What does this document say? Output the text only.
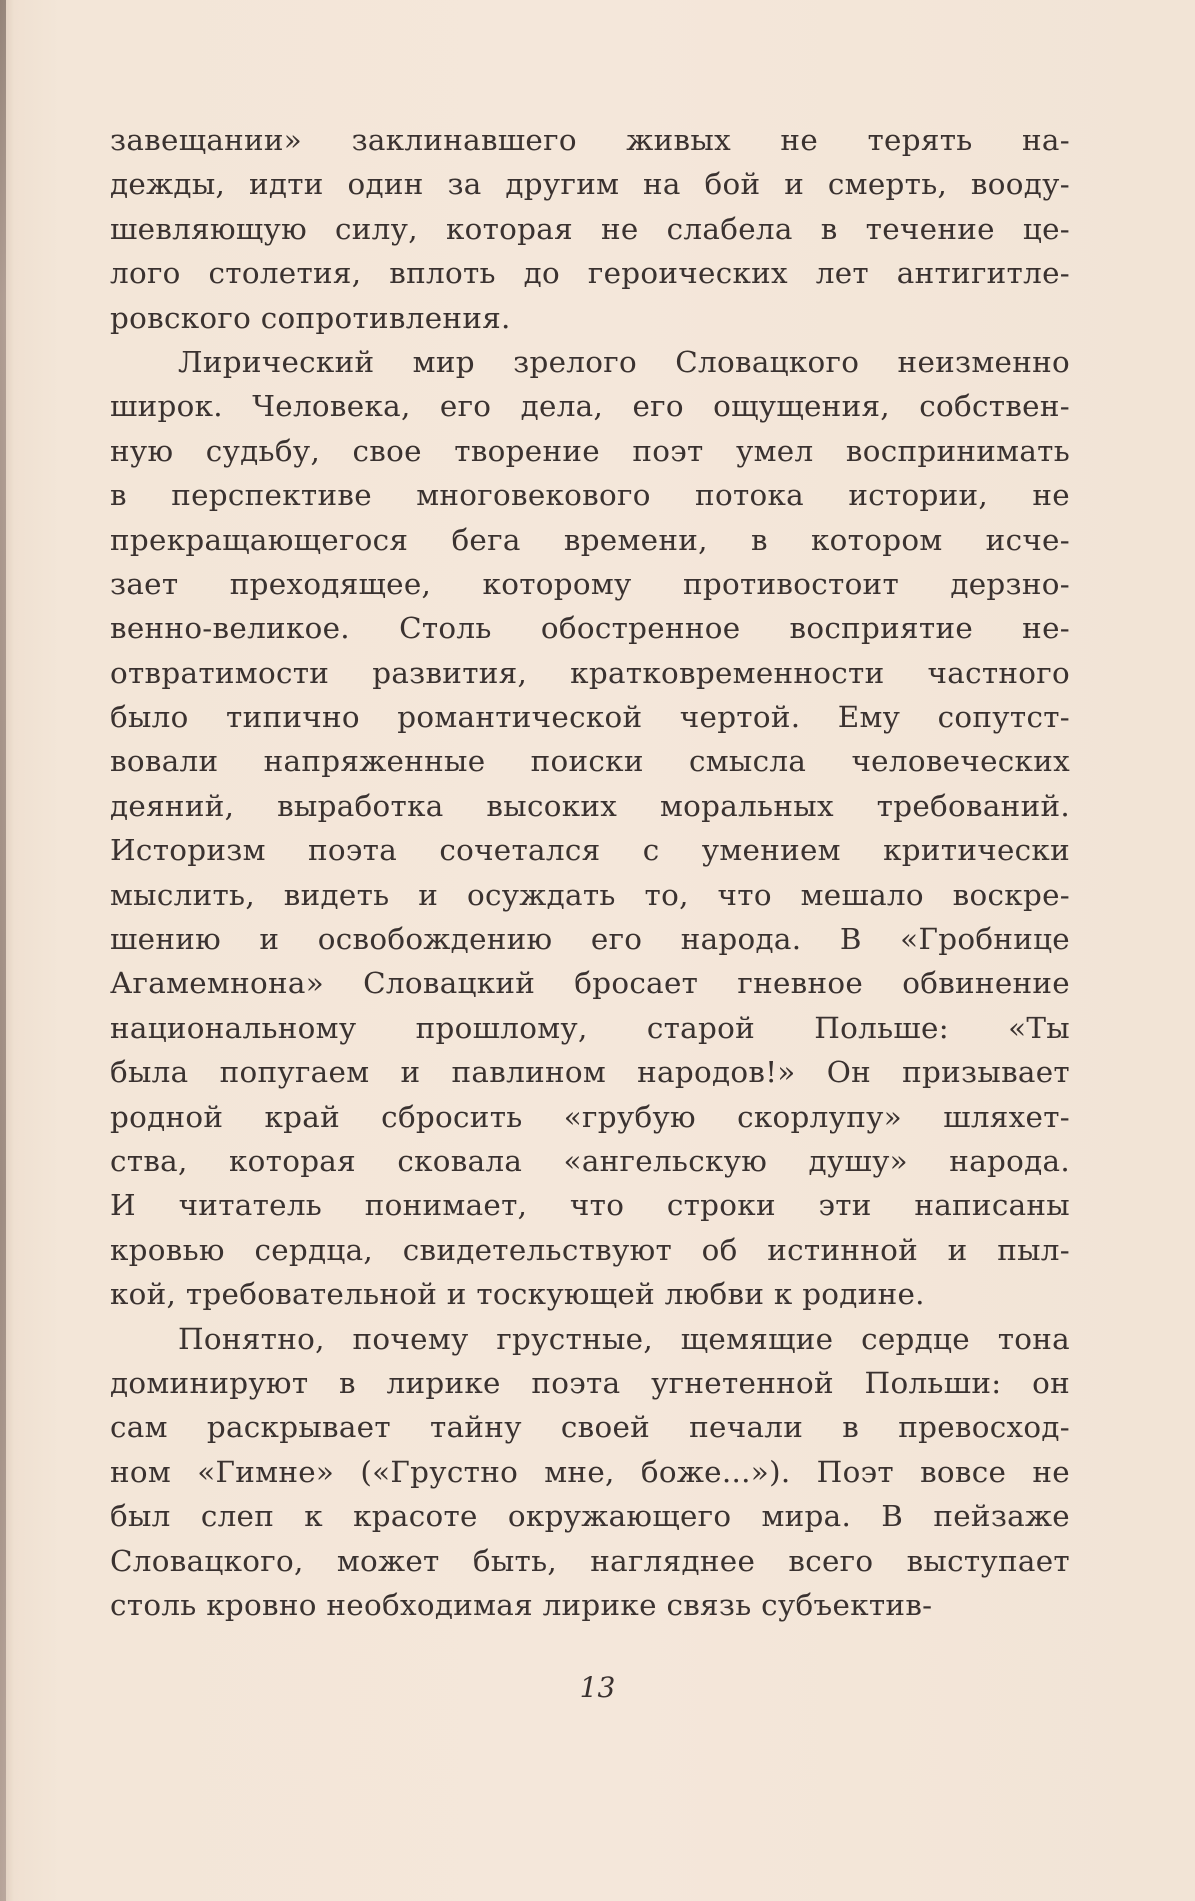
завещании» заклинавшего живых не терять на-
дежды, идти один за другим на бой и смерть, вооду-
шевляющую силу, которая не слабела в течение це-
лого столетия, вплоть до героических лет антигитле-
ровского сопротивления.
Лирический мир зрелого Словацкого неизменно
широк. Человека, его дела, его ощущения, собствен-
ную судьбу, свое творение поэт умел воспринимать
в перспективе многовекового потока истории, не
прекращающегося бега времени, в котором исче-
зает преходящее, которому противостоит дерзно-
венно-великое. Столь обостренное восприятие не-
отвратимости развития, кратковременности частного
было типично романтической чертой. Ему сопутст-
вовали напряженные поиски смысла человеческих
деяний, выработка высоких моральных требований.
Историзм поэта сочетался с умением критически
мыслить, видеть и осуждать то, что мешало воскре-
шению и освобождению его народа. В «Гробнице
Агамемнона» Словацкий бросает гневное обвинение
национальному прошлому, старой Польше: «Ты
была попугаем и павлином народов!» Он призывает
родной край сбросить «грубую скорлупу» шляхет-
ства, которая сковала «ангельскую душу» народа.
И читатель понимает, что строки эти написаны
кровью сердца, свидетельствуют об истинной и пыл-
кой, требовательной и тоскующей любви к родине.
Понятно, почему грустные, щемящие сердце тона
доминируют в лирике поэта угнетенной Польши: он
сам раскрывает тайну своей печали в превосход-
ном «Гимне» («Грустно мне, боже...»). Поэт вовсе не
был слеп к красоте окружающего мира. В пейзаже
Словацкого, может быть, нагляднее всего выступает
столь кровно необходимая лирике связь субъектив-
13
